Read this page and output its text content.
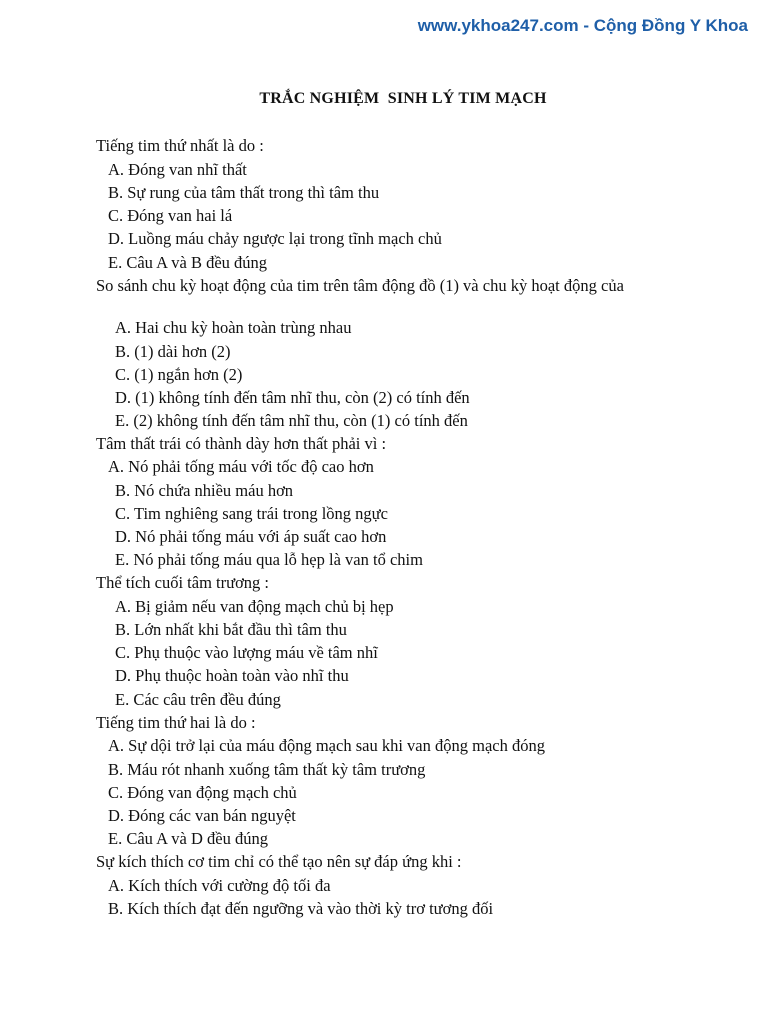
www.ykhoa247.com - Cộng Đồng Y Khoa
TRẮC NGHIỆM  SINH LÝ TIM MẠCH
Tiếng tim thứ nhất là do :
A. Đóng van nhĩ thất
B. Sự rung của tâm thất trong thì tâm thu
C. Đóng van hai lá
D. Luồng máu chảy ngược lại trong tĩnh mạch chủ
E. Câu A và B đều đúng
So sánh chu kỳ hoạt động của tim trên tâm động đồ (1) và chu kỳ hoạt động của
A. Hai chu kỳ hoàn toàn trùng nhau
B. (1) dài hơn (2)
C. (1) ngắn hơn (2)
D. (1) không tính đến tâm nhĩ thu, còn (2) có tính đến
E. (2) không tính đến tâm nhĩ thu, còn (1) có tính đến
Tâm thất trái có thành dày hơn thất phải vì :
A. Nó phải tống máu với tốc độ cao hơn
B. Nó chứa nhiều máu hơn
C. Tim nghiêng sang trái trong lồng ngực
D. Nó phải tống máu với áp suất cao hơn
E. Nó phải tống máu qua lỗ hẹp là van tổ chim
Thể tích cuối tâm trương :
A. Bị giảm nếu van động mạch chủ bị hẹp
B. Lớn nhất khi bắt đầu thì tâm thu
C. Phụ thuộc vào lượng máu về tâm nhĩ
D. Phụ thuộc hoàn toàn vào nhĩ thu
E. Các câu trên đều đúng
Tiếng tim thứ hai là do :
A. Sự dội trở lại của máu động mạch sau khi van động mạch đóng
B. Máu rót nhanh xuống tâm thất kỳ tâm trương
C. Đóng van động mạch chủ
D. Đóng các van bán nguyệt
E. Câu A và D đều đúng
Sự kích thích cơ tim chỉ có thể tạo nên sự đáp ứng khi :
A. Kích thích với cường độ tối đa
B. Kích thích đạt đến ngưỡng và vào thời kỳ trơ tương đối
